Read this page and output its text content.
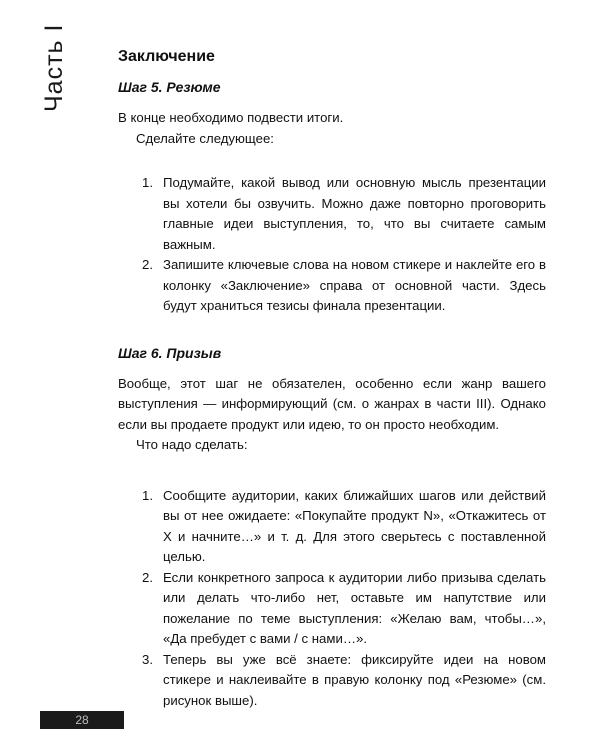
Часть I	Заключение
Шаг 5. Резюме

В конце необходимо подвести итоги.

Сделайте следующее:

1. Подумайте, какой вывод или основную мысль презентации вы хотели бы озвучить. Можно даже повторно проговорить главные идеи выступления, то, что вы считаете самым важным.
2. Запишите ключевые слова на новом стикере и наклейте его в колонку «Заключение» справа от основной части. Здесь будут храниться тезисы финала презентации.
Шаг 6. Призыв

Вообще, этот шаг не обязателен, особенно если жанр вашего выступления — информирующий (см. о жанрах в части III). Однако если вы продаете продукт или идею, то он просто необходим.

Что надо сделать:

1. Сообщите аудитории, каких ближайших шагов или действий вы от нее ожидаете: «Покупайте продукт N», «Откажитесь от X и начните…» и т. д. Для этого сверьтесь с поставленной целью.
2. Если конкретного запроса к аудитории либо призыва сделать или делать что-либо нет, оставьте им напутствие или пожелание по теме выступления: «Желаю вам, чтобы…», «Да пребудет с вами / с нами…».
3. Теперь вы уже всё знаете: фиксируйте идеи на новом стикере и наклеивайте в правую колонку под «Резюме» (см. рисунок выше).
28
